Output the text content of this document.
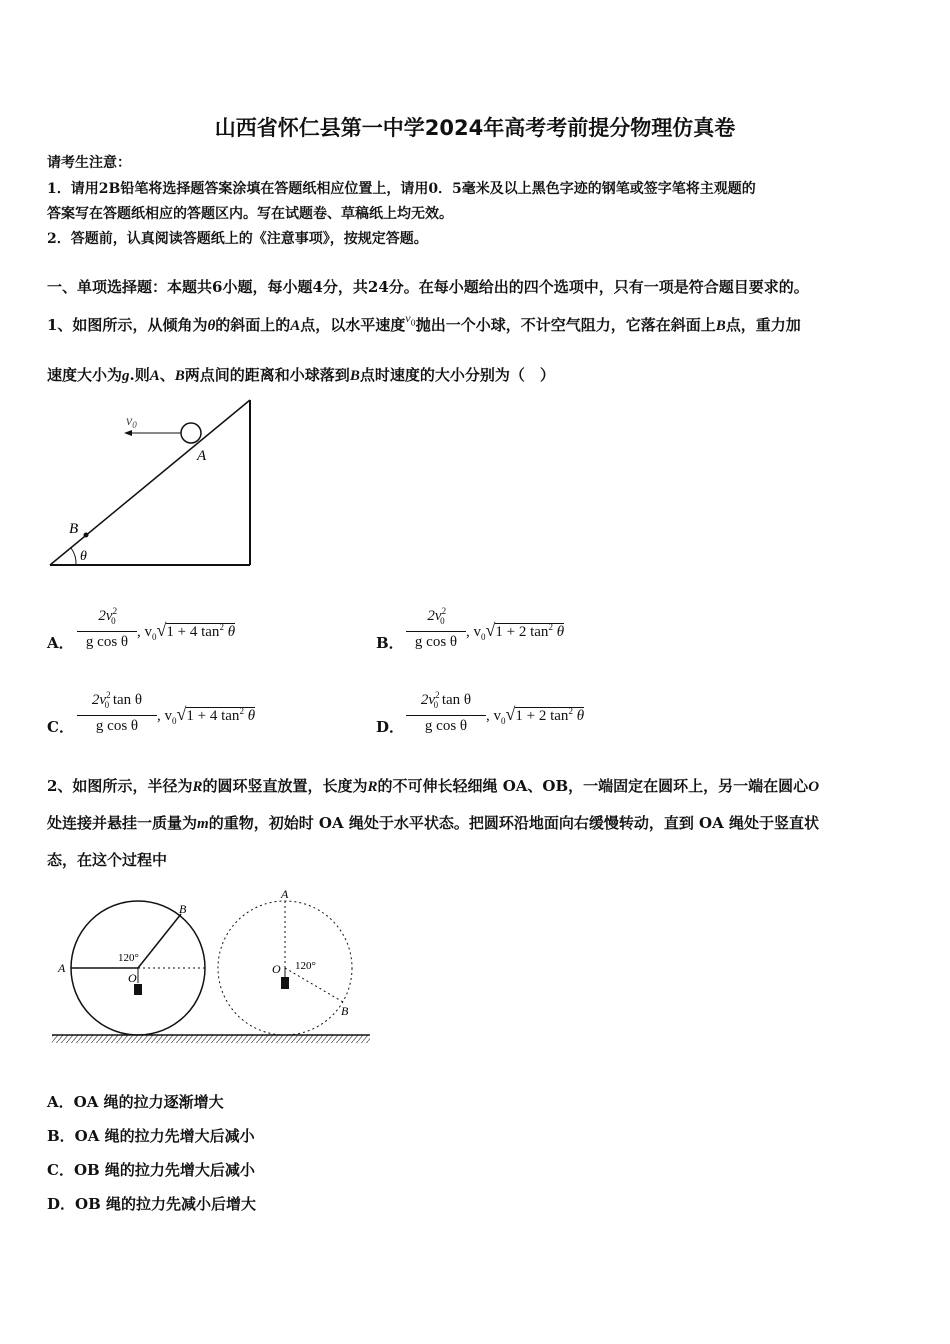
山西省怀仁县第一中学2024年高考考前提分物理仿真卷
请考生注意：
1．请用2B铅笔将选择题答案涂填在答题纸相应位置上，请用0．5毫米及以上黑色字迹的钢笔或签字笔将主观题的
答案写在答题纸相应的答题区内。写在试题卷、草稿纸上均无效。
2．答题前，认真阅读答题纸上的《注意事项》，按规定答题。
一、单项选择题：本题共6小题，每小题4分，共24分。在每小题给出的四个选项中，只有一项是符合题目要求的。
1、如图所示，从倾角为θ的斜面上的A点，以水平速度$^{v_0}$抛出一个小球，不计空气阻力，它落在斜面上B点，重力加
速度大小为g.则A、B两点间的距离和小球落到B点时速度的大小分别为（　）
$v_0$
A
B
θ
A．
$2v^2_0$
g cos θ
, $v_0√1 + 4$ $\tan^2 \theta$
B．
$2v^2_0$
g cos θ
, $v_0√1 + 2$ $\tan^2 \theta$
C．
$2v^2_0$ tan θ
g cos θ
, $v_0√1 + 4$ $\tan^2 \theta$
D．
$2v^2_0$ tan θ
g cos θ
, $v_0√1 + 2$ $\tan^2 \theta$
2、如图所示，半径为R的圆环竖直放置，长度为R的不可伸长轻细绳 OA、OB，一端固定在圆环上，另一端在圆心O
处连接并悬挂一质量为m的重物，初始时 OA 绳处于水平状态。把圆环沿地面向右缓慢转动，直到 OA 绳处于竖直状
态，在这个过程中
A
B
O
120°
A
B
O 120°
A．OA 绳的拉力逐渐增大
B．OA 绳的拉力先增大后减小
C．OB 绳的拉力先增大后减小
D．OB 绳的拉力先减小后增大
